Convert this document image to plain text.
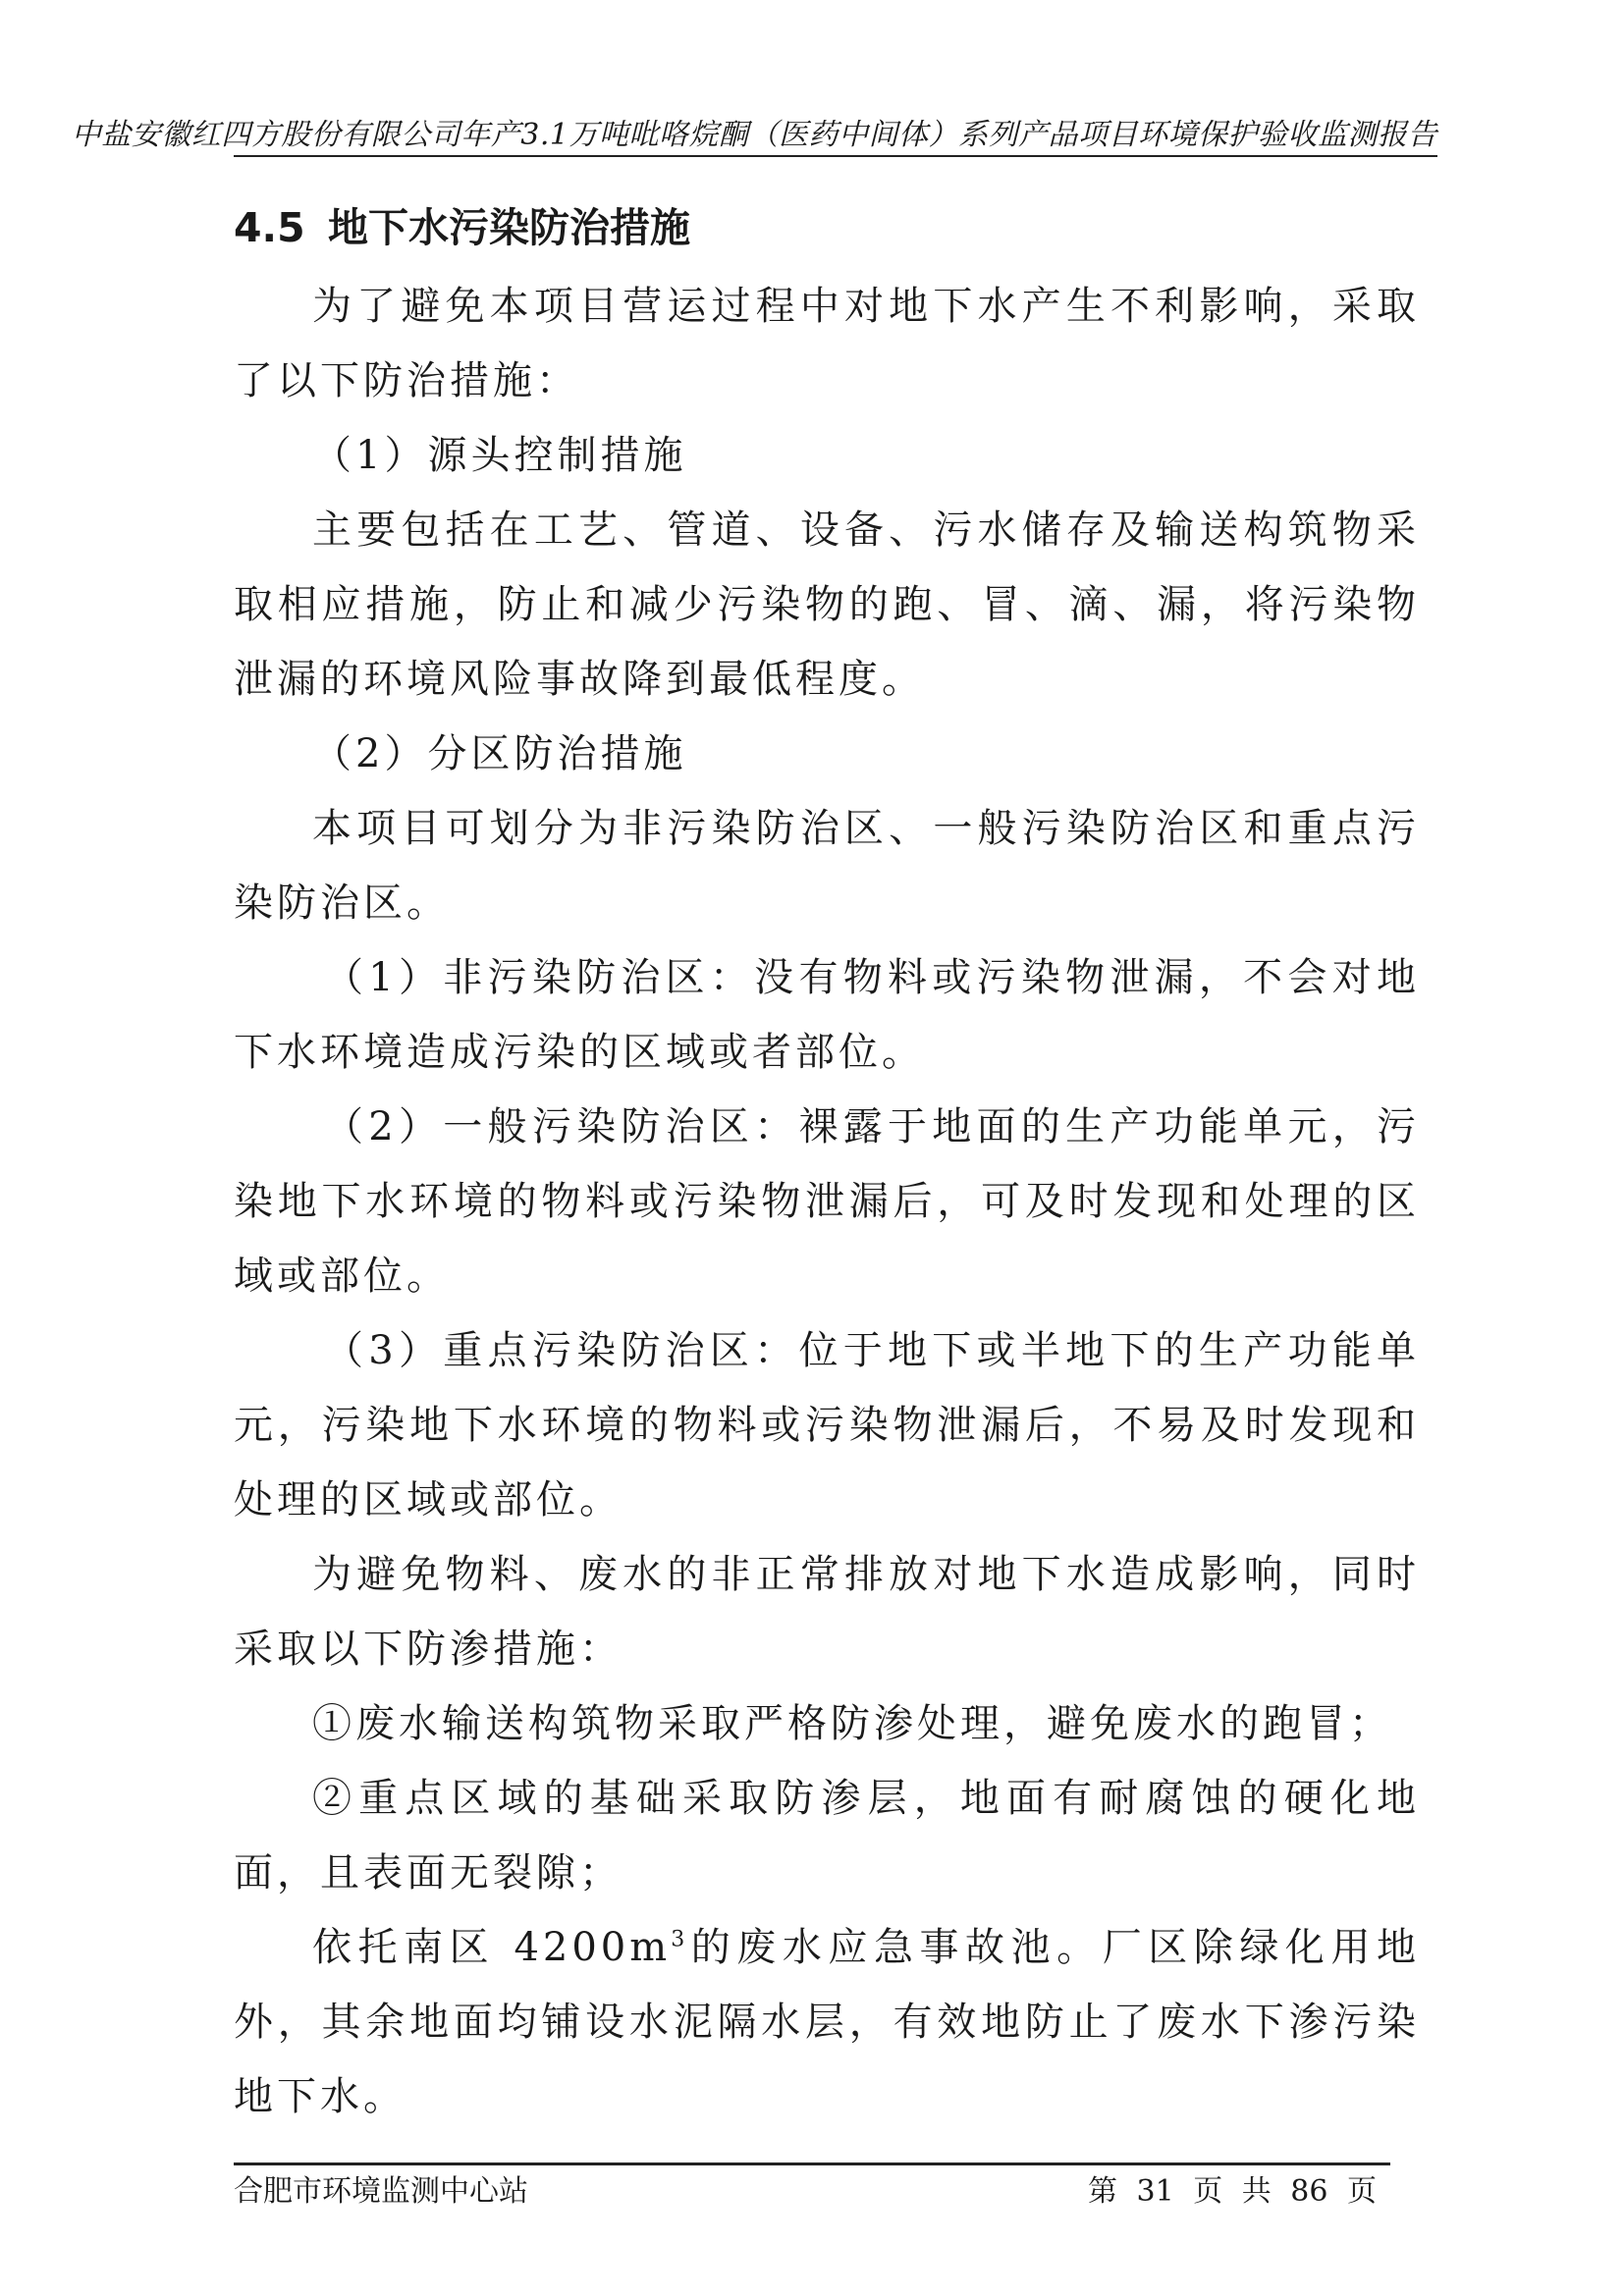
中盐安徽红四方股份有限公司年产3.1万吨吡咯烷酮（医药中间体）系列产品项目环境保护验收监测报告
4.5 地下水污染防治措施
为了避免本项目营运过程中对地下水产生不利影响，采取了以下防治措施：
（1）源头控制措施
主要包括在工艺、管道、设备、污水储存及输送构筑物采取相应措施，防止和减少污染物的跑、冒、滴、漏，将污染物泄漏的环境风险事故降到最低程度。
（2）分区防治措施
本项目可划分为非污染防治区、一般污染防治区和重点污染防治区。
（1）非污染防治区：没有物料或污染物泄漏，不会对地下水环境造成污染的区域或者部位。
（2）一般污染防治区：裸露于地面的生产功能单元，污染地下水环境的物料或污染物泄漏后，可及时发现和处理的区域或部位。
（3）重点污染防治区：位于地下或半地下的生产功能单元，污染地下水环境的物料或污染物泄漏后，不易及时发现和处理的区域或部位。
为避免物料、废水的非正常排放对地下水造成影响，同时采取以下防渗措施：
①废水输送构筑物采取严格防渗处理，避免废水的跑冒；
②重点区域的基础采取防渗层，地面有耐腐蚀的硬化地面，且表面无裂隙；
依托南区 $4200m^3$的废水应急事故池。厂区除绿化用地外，其余地面均铺设水泥隔水层，有效地防止了废水下渗污染地下水。
合肥市环境监测中心站	第 31 页 共 86 页
